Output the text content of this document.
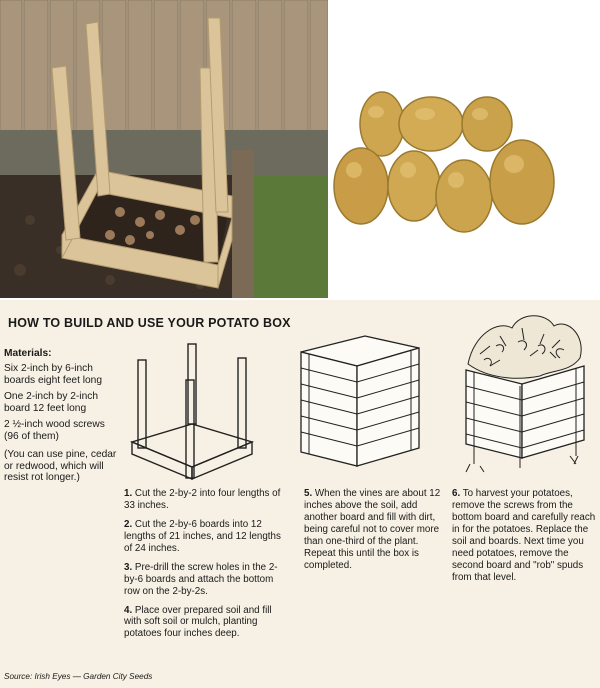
HOW TO BUILD AND USE YOUR POTATO BOX
Materials:

Six 2-inch by 6-inch boards eight feet long

One 2-inch by 2-inch board 12 feet long

2 ½-inch wood screws (96 of them)

(You can use pine, cedar or redwood, which will resist rot longer.)

1. Cut the 2-by-2 into four lengths of 33 inches.

2. Cut the 2-by-6 boards into 12 lengths of 21 inches, and 12 lengths of 24 inches.

3. Pre-drill the screw holes in the 2-by-6 boards and attach the bottom row on the 2-by-2s.

4. Place over prepared soil and fill with soft soil or mulch, planting potatoes four inches deep.

5. When the vines are about 12 inches above the soil, add another board and fill with dirt, being careful not to cover more than one-third of the plant. Repeat this until the box is completed.

6. To harvest your potatoes, remove the screws from the bottom board and carefully reach in for the potatoes. Replace the soil and boards. Next time you need potatoes, remove the second board and "rob" spuds from that level.

Source: Irish Eyes — Garden City Seeds
